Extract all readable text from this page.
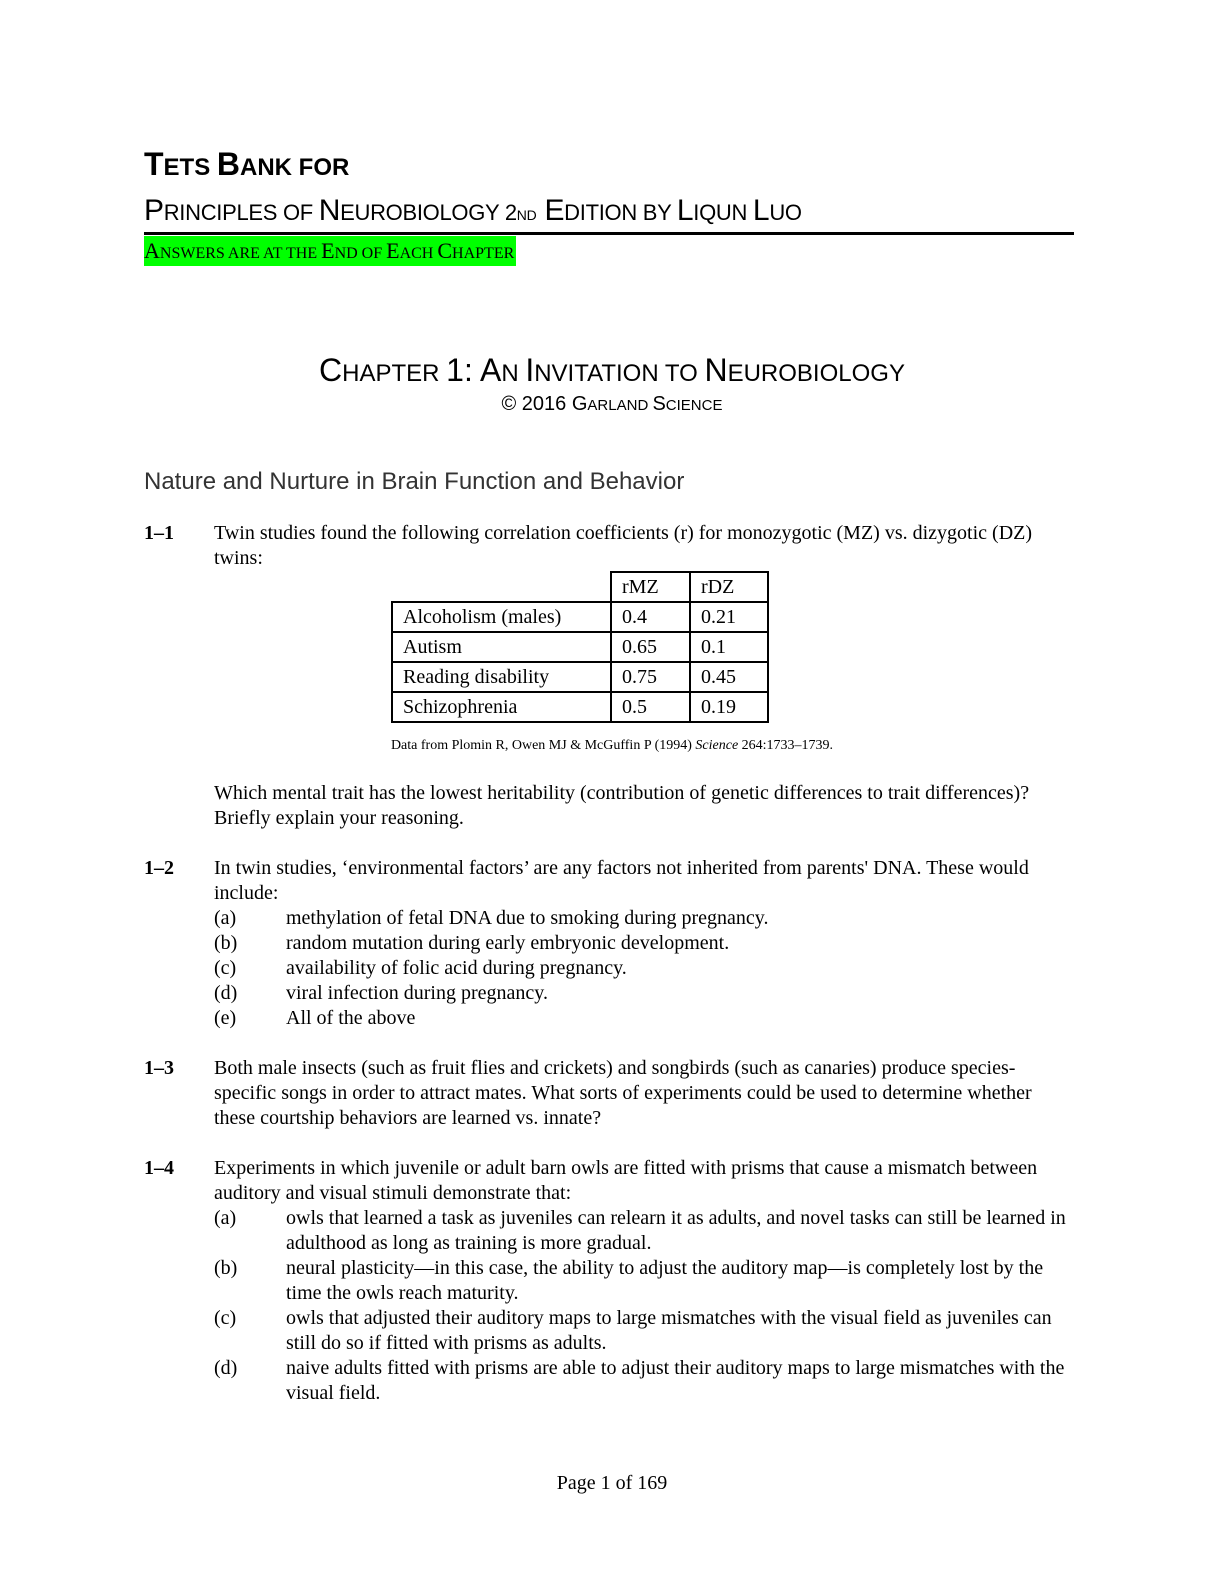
TETS BANK FOR
PRINCIPLES OF NEUROBIOLOGY 2ND EDITION BY LIQUN LUO
ANSWERS ARE AT THE END OF EACH CHAPTER
CHAPTER 1: AN INVITATION TO NEUROBIOLOGY
© 2016 GARLAND SCIENCE
Nature and Nurture in Brain Function and Behavior
1–1 Twin studies found the following correlation coefficients (r) for monozygotic (MZ) vs. dizygotic (DZ) twins:
	rMZ	rDZ
Alcoholism (males)	0.4	0.21
Autism	0.65	0.1
Reading disability	0.75	0.45
Schizophrenia	0.5	0.19
Data from Plomin R, Owen MJ & McGuffin P (1994) Science 264:1733–1739.
Which mental trait has the lowest heritability (contribution of genetic differences to trait differences)? Briefly explain your reasoning.
1–2 In twin studies, ‘environmental factors’ are any factors not inherited from parents' DNA. These would include:
(a) methylation of fetal DNA due to smoking during pregnancy.
(b) random mutation during early embryonic development.
(c) availability of folic acid during pregnancy.
(d) viral infection during pregnancy.
(e) All of the above
1–3 Both male insects (such as fruit flies and crickets) and songbirds (such as canaries) produce species-specific songs in order to attract mates. What sorts of experiments could be used to determine whether these courtship behaviors are learned vs. innate?
1–4 Experiments in which juvenile or adult barn owls are fitted with prisms that cause a mismatch between auditory and visual stimuli demonstrate that:
(a) owls that learned a task as juveniles can relearn it as adults, and novel tasks can still be learned in adulthood as long as training is more gradual.
(b) neural plasticity—in this case, the ability to adjust the auditory map—is completely lost by the time the owls reach maturity.
(c) owls that adjusted their auditory maps to large mismatches with the visual field as juveniles can still do so if fitted with prisms as adults.
(d) naive adults fitted with prisms are able to adjust their auditory maps to large mismatches with the visual field.
Page 1 of 169
